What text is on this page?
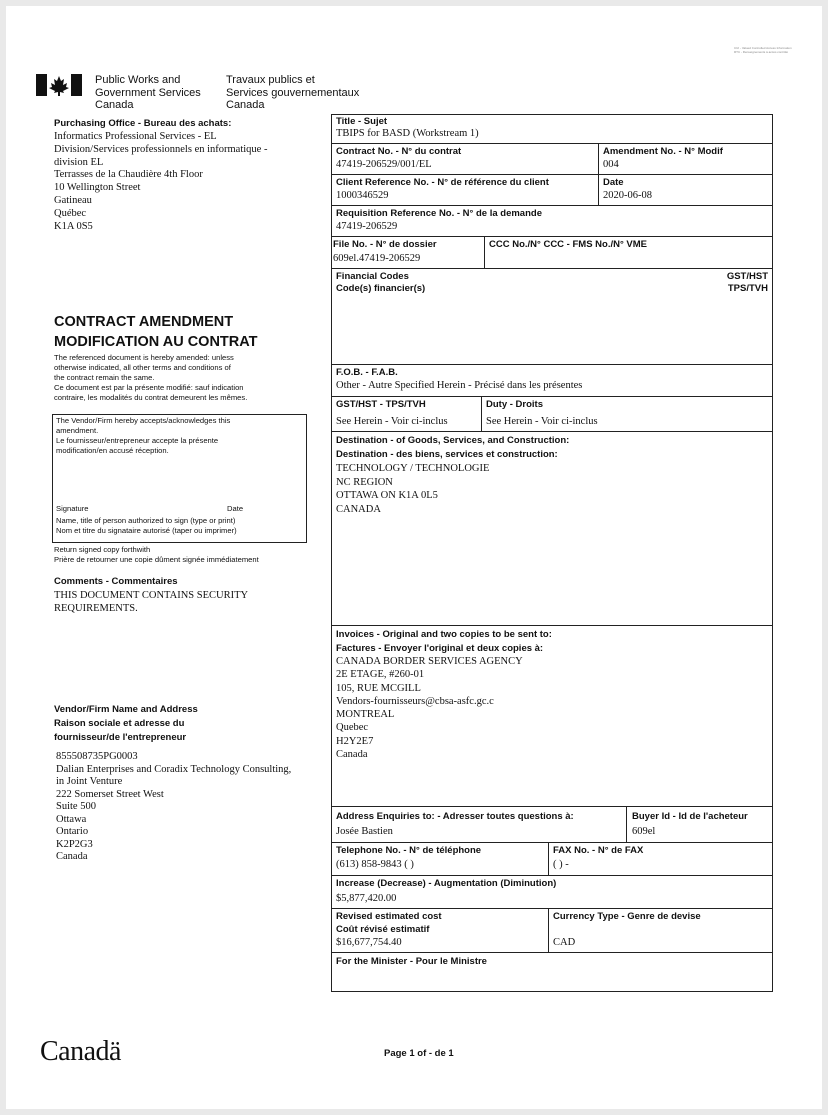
CUI - Valued Controlled Access Information
RTC - Renseignements à accès contrôlé
Public Works and
Government Services
Canada
Travaux publics et
Services gouvernementaux
Canada
Purchasing Office - Bureau des achats:
Informatics Professional Services - EL
Division/Services professionnels en informatique -
division EL
Terrasses de la Chaudière 4th Floor
10 Wellington Street
Gatineau
Québec
K1A 0S5
CONTRACT AMENDMENT
MODIFICATION AU CONTRAT
The referenced document is hereby amended: unless
otherwise indicated, all other terms and conditions of
the contract remain the same.
Ce document est par la présente modifié: sauf indication
contraire, les modalités du contrat demeurent les mêmes.
The Vendor/Firm hereby accepts/acknowledges this
amendment.
Le fournisseur/entrepreneur accepte la présente
modification/en accusé réception.
Signature	Date
Name, title of person authorized to sign (type or print)
Nom et titre du signataire autorisé (taper ou imprimer)
Return signed copy forthwith
Prière de retourner une copie dûment signée immédiatement
Comments - Commentaires
THIS DOCUMENT CONTAINS SECURITY
REQUIREMENTS.
Vendor/Firm Name and Address
Raison sociale et adresse du
fournisseur/de l'entrepreneur
855508735PG0003
Dalian Enterprises and Coradix Technology Consulting,
in Joint Venture
222 Somerset Street West
Suite 500
Ottawa
Ontario
K2P2G3
Canada
Title - Sujet
TBIPS for BASD (Workstream 1)
Contract No. - N° du contrat
47419-206529/001/EL
Amendment No. - N° Modif
004
Client Reference No. - N° de référence du client
1000346529
Date
2020-06-08
Requisition Reference No. - N° de la demande
47419-206529
File No. - N° de dossier
609el.47419-206529
CCC No./N° CCC - FMS No./N° VME
Financial Codes
Code(s) financier(s)
GST/HST
TPS/TVH
F.O.B. - F.A.B.
Other - Autre Specified Herein - Précisé dans les présentes
GST/HST - TPS/TVH
See Herein - Voir ci-inclus
Duty - Droits
See Herein - Voir ci-inclus
Destination - of Goods, Services, and Construction:
Destination - des biens, services et construction:
TECHNOLOGY / TECHNOLOGIE
NC REGION
OTTAWA ON K1A 0L5
CANADA
Invoices - Original and two copies to be sent to:
Factures - Envoyer l'original et deux copies à:
CANADA BORDER SERVICES AGENCY
2E ETAGE, #260-01
105, RUE MCGILL
Vendors-fournisseurs@cbsa-asfc.gc.c
MONTREAL
Quebec
H2Y2E7
Canada
Address Enquiries to: - Adresser toutes questions à:
Josée Bastien
Buyer Id - Id de l'acheteur
609el
Telephone No. - N° de téléphone
(613) 858-9843 ( )
FAX No. - N° de FAX
( ) -
Increase (Decrease) - Augmentation (Diminution)
$5,877,420.00
Revised estimated cost
Coût révisé estimatif
$16,677,754.40
Currency Type - Genre de devise
CAD
For the Minister - Pour le Ministre
Canadä	Page 1 of - de 1
